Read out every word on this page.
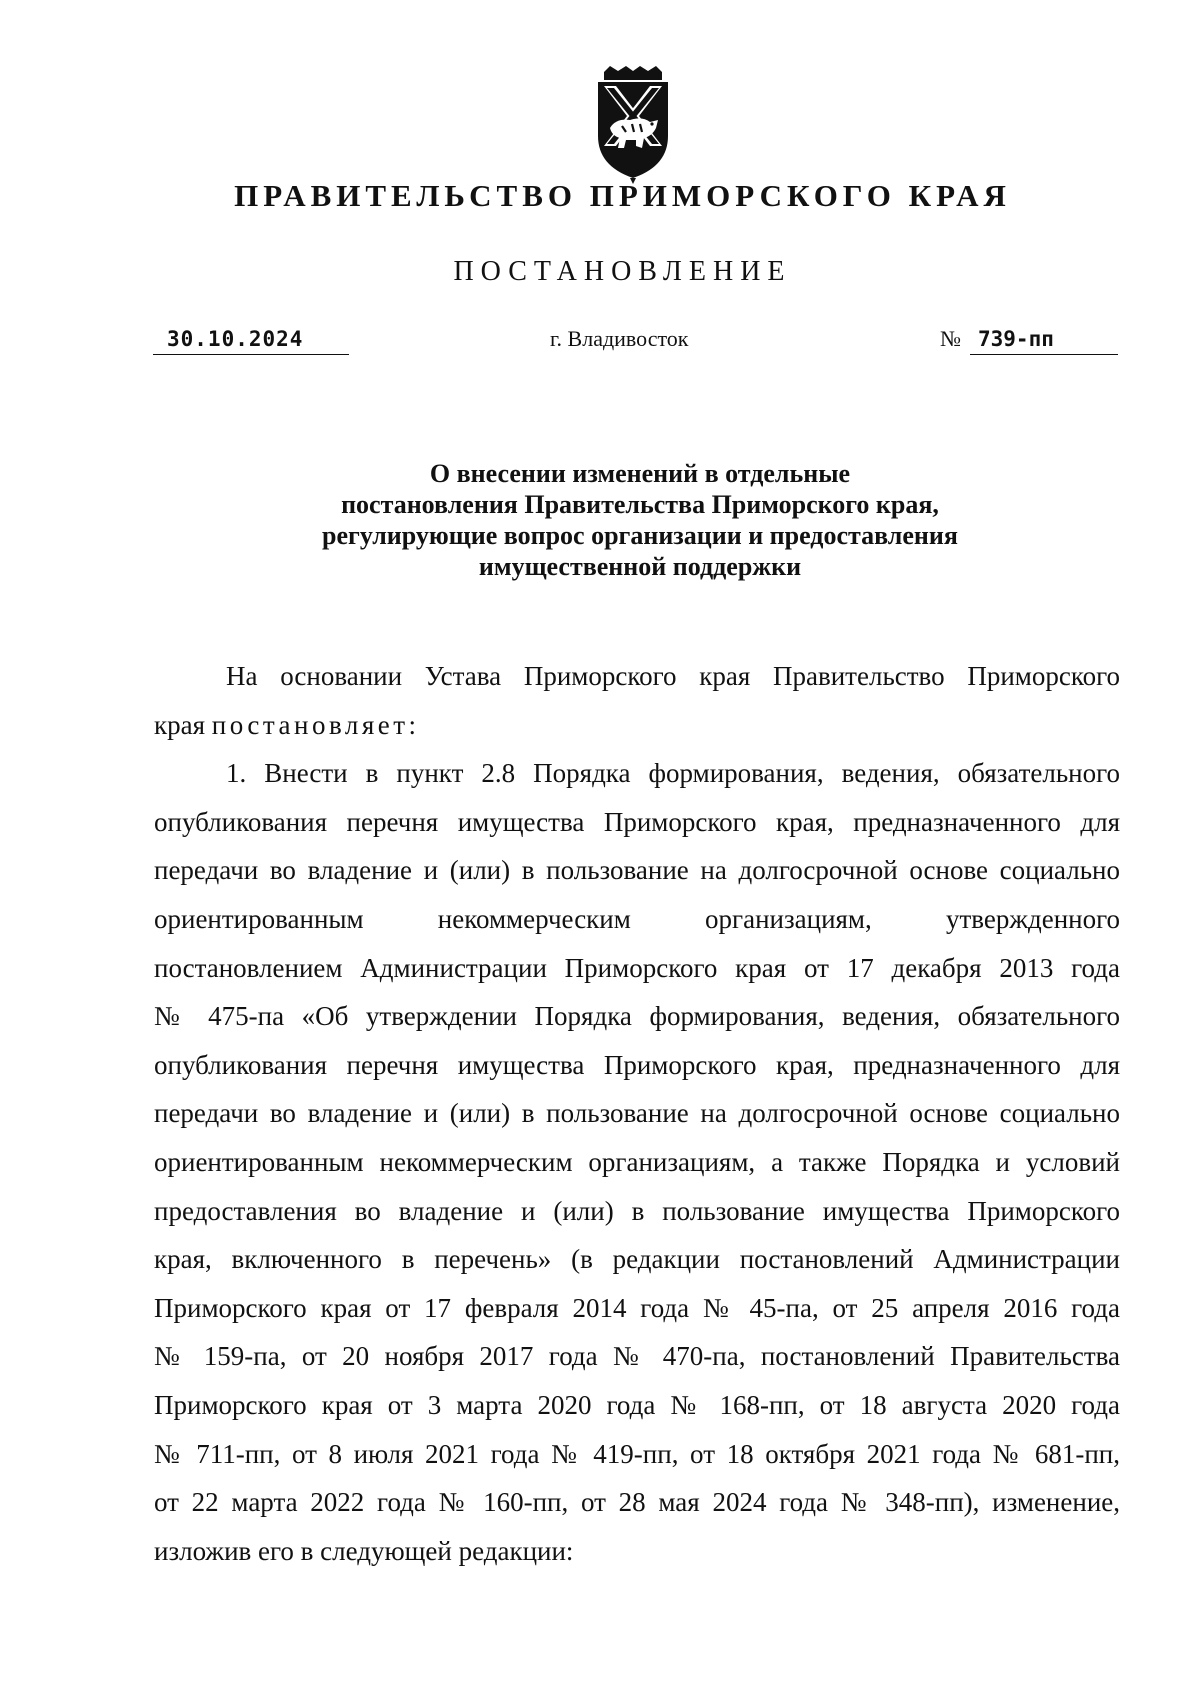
ПРАВИТЕЛЬСТВО ПРИМОРСКОГО КРАЯ
ПОСТАНОВЛЕНИЕ
30.10.2024	г. Владивосток	№ 739-пп
О внесении изменений в отдельные
постановления Правительства Приморского края,
регулирующие вопрос организации и предоставления
имущественной поддержки
На основании Устава Приморского края Правительство Приморского
края постановляет:
1. Внести в пункт 2.8 Порядка формирования, ведения, обязательного
опубликования перечня имущества Приморского края, предназначенного для
передачи во владение и (или) в пользование на долгосрочной основе социально
ориентированным некоммерческим организациям, утвержденного
постановлением Администрации Приморского края от 17 декабря 2013 года
№ 475-па «Об утверждении Порядка формирования, ведения, обязательного
опубликования перечня имущества Приморского края, предназначенного для
передачи во владение и (или) в пользование на долгосрочной основе социально
ориентированным некоммерческим организациям, а также Порядка и условий
предоставления во владение и (или) в пользование имущества Приморского
края, включенного в перечень» (в редакции постановлений Администрации
Приморского края от 17 февраля 2014 года № 45-па, от 25 апреля 2016 года
№ 159-па, от 20 ноября 2017 года № 470-па, постановлений Правительства
Приморского края от 3 марта 2020 года № 168-пп, от 18 августа 2020 года
№ 711-пп, от 8 июля 2021 года № 419-пп, от 18 октября 2021 года № 681-пп,
от 22 марта 2022 года № 160-пп, от 28 мая 2024 года № 348-пп), изменение,
изложив его в следующей редакции:
